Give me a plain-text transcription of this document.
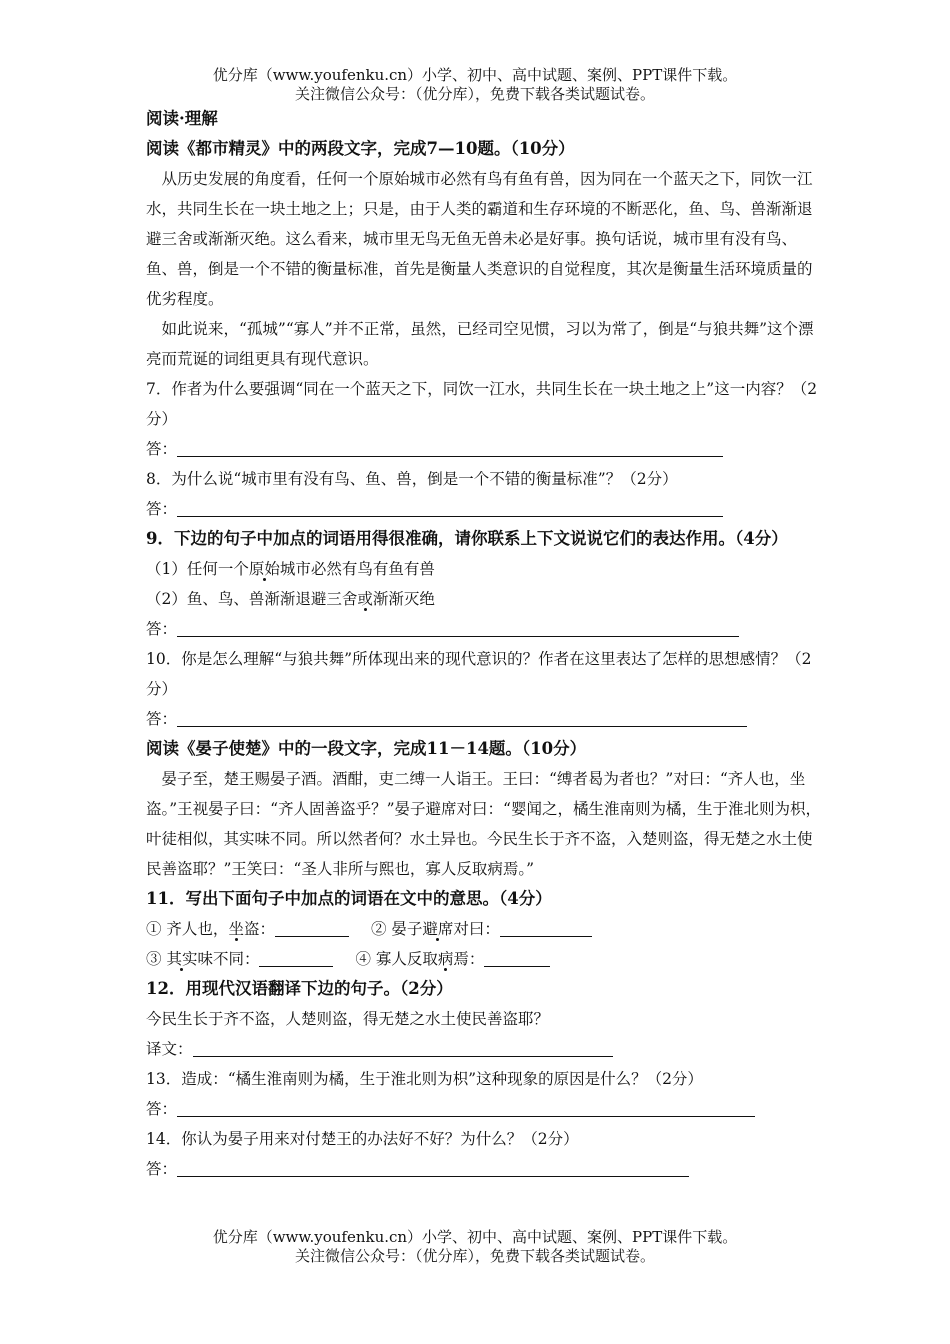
优分库（www.youfenku.cn）小学、初中、高中试题、案例、PPT课件下载。
关注微信公众号：（优分库），免费下载各类试题试卷。
阅读·理解
阅读《都市精灵》中的两段文字，完成7—10题。（10分）
从历史发展的角度看，任何一个原始城市必然有鸟有鱼有兽，因为同在一个蓝天之下，同饮一江水，共同生长在一块土地之上；只是，由于人类的霸道和生存环境的不断恶化，鱼、鸟、兽渐渐退避三舍或渐渐灭绝。这么看来，城市里无鸟无鱼无兽未必是好事。换句话说，城市里有没有鸟、鱼、兽，倒是一个不错的衡量标准，首先是衡量人类意识的自觉程度，其次是衡量生活环境质量的优劣程度。
如此说来，“孤城”“寡人”并不正常，虽然，已经司空见惯，习以为常了，倒是“与狼共舞”这个漂亮而荒诞的词组更具有现代意识。
7．作者为什么要强调“同在一个蓝天之下，同饮一江水，共同生长在一块土地之上”这一内容？（2分）
答：
8．为什么说“城市里有没有鸟、鱼、兽，倒是一个不错的衡量标准”？（2分）
答：
9．下边的句子中加点的词语用得很准确，请你联系上下文说说它们的表达作用。（4分）
（1）任何一个原始城市必然有鸟有鱼有兽
（2）鱼、鸟、兽渐渐退避三舍或渐渐灭绝
答：
10．你是怎么理解“与狼共舞”所体现出来的现代意识的？作者在这里表达了怎样的思想感情？（2分）
答：
阅读《晏子使楚》中的一段文字，完成11－14题。（10分）
晏子至，楚王赐晏子酒。酒酣，吏二缚一人诣王。王曰：“缚者曷为者也？”对曰：“齐人也，坐盗。”王视晏子曰：“齐人固善盗乎？”晏子避席对曰：“婴闻之，橘生淮南则为橘，生于淮北则为枳，叶徒相似，其实味不同。所以然者何？水土异也。今民生长于齐不盗，入楚则盗，得无楚之水土使民善盗耶？”王笑曰：“圣人非所与熙也，寡人反取病焉。”
11．写出下面句子中加点的词语在文中的意思。（4分）
① 齐人也，坐盗：	② 晏子避席对曰：
③ 其实味不同：	④ 寡人反取病焉：
12．用现代汉语翻译下边的句子。（2分）
今民生长于齐不盗，人楚则盗，得无楚之水土使民善盗耶？
译文：
13．造成：“橘生淮南则为橘，生于淮北则为枳”这种现象的原因是什么？（2分）
答：
14．你认为晏子用来对付楚王的办法好不好？为什么？（2分）
答：
优分库（www.youfenku.cn）小学、初中、高中试题、案例、PPT课件下载。
关注微信公众号：（优分库），免费下载各类试题试卷。
